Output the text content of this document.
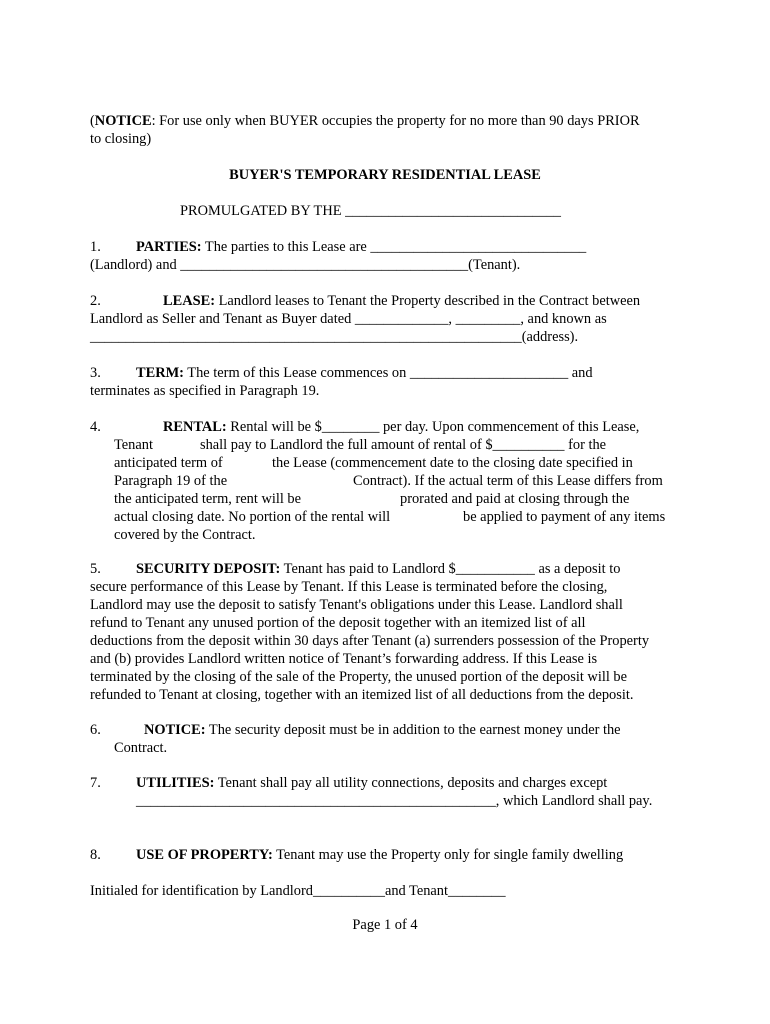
(NOTICE: For use only when BUYER occupies the property for no more than 90 days PRIOR
to closing)
BUYER'S TEMPORARY RESIDENTIAL LEASE
PROMULGATED BY THE ______________________________
1. PARTIES: The parties to this Lease are ______________________________
(Landlord) and ________________________________________(Tenant).
2.	LEASE: Landlord leases to Tenant the Property described in the Contract between
Landlord as Seller and Tenant as Buyer dated _____________, _________, and known as
____________________________________________________________(address).
3. TERM: The term of this Lease commences on ______________________ and
terminates as specified in Paragraph 19.
4.	RENTAL: Rental will be $________ per day. Upon commencement of this Lease,
Tenant	shall pay to Landlord the full amount of rental of $__________ for the
anticipated term of	the Lease (commencement date to the closing date specified in
Paragraph 19 of the	Contract). If the actual term of this Lease differs from
the anticipated term, rent will be	prorated and paid at closing through the
actual closing date. No portion of the rental will	be applied to payment of any items
covered by the Contract.
5. SECURITY DEPOSIT: Tenant has paid to Landlord $___________ as a deposit to
secure performance of this Lease by Tenant. If this Lease is terminated before the closing,
Landlord may use the deposit to satisfy Tenant's obligations under this Lease. Landlord shall
refund to Tenant any unused portion of the deposit together with an itemized list of all
deductions from the deposit within 30 days after Tenant (a) surrenders possession of the Property
and (b) provides Landlord written notice of Tenant’s forwarding address. If this Lease is
terminated by the closing of the sale of the Property, the unused portion of the deposit will be
refunded to Tenant at closing, together with an itemized list of all deductions from the deposit.
6.	NOTICE: The security deposit must be in addition to the earnest money under the
Contract.
7. UTILITIES: Tenant shall pay all utility connections, deposits and charges except
__________________________________________________, which Landlord shall pay.
8. USE OF PROPERTY: Tenant may use the Property only for single family dwelling
Initialed for identification by Landlord__________and Tenant________
Page 1 of 4
